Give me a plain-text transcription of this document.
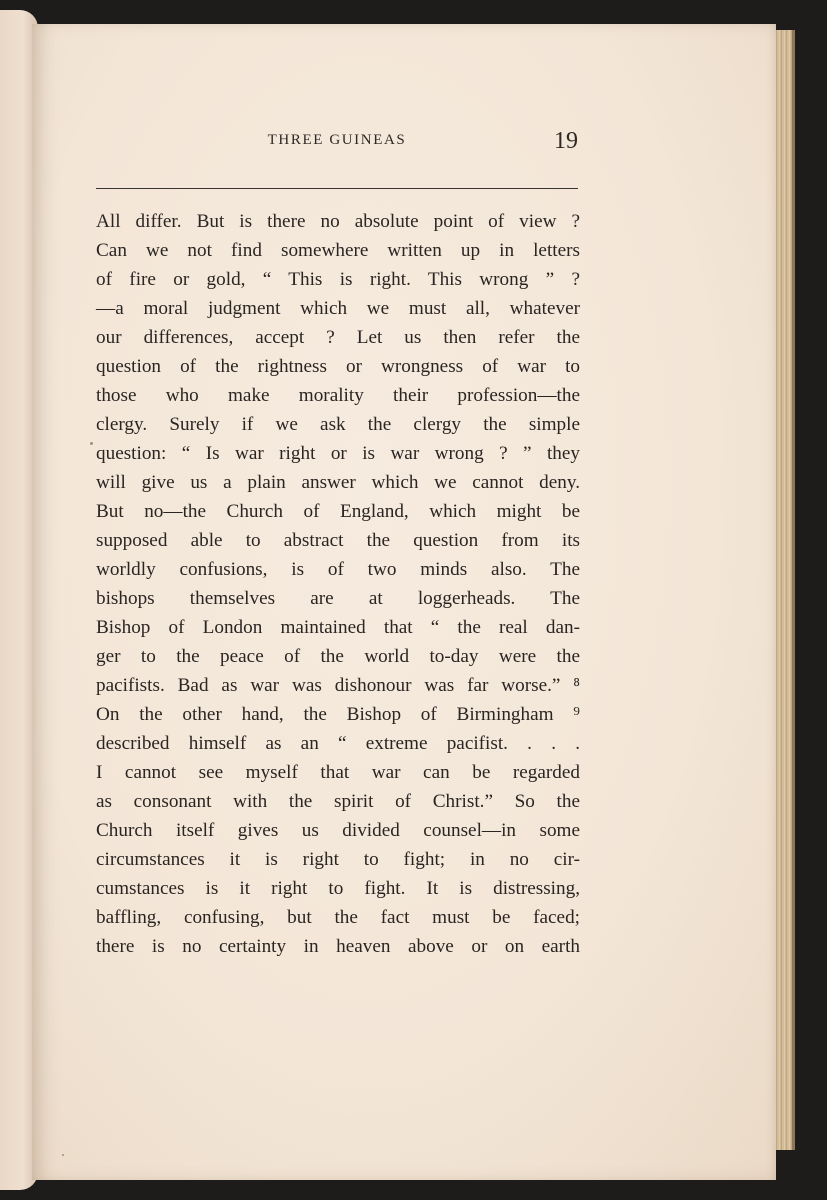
THREE GUINEAS	19
All differ. But is there no absolute point of view ?
Can we not find somewhere written up in letters
of fire or gold, “ This is right. This wrong ” ?
—a moral judgment which we must all, whatever
our differences, accept ? Let us then refer the
question of the rightness or wrongness of war to
those who make morality their profession—the
clergy. Surely if we ask the clergy the simple
question: “ Is war right or is war wrong ? ” they
will give us a plain answer which we cannot deny.
But no—the Church of England, which might be
supposed able to abstract the question from its
worldly confusions, is of two minds also. The
bishops themselves are at loggerheads. The
Bishop of London maintained that “ the real dan-
ger to the peace of the world to-day were the
pacifists. Bad as war was dishonour was far worse.” ⁸
On the other hand, the Bishop of Birmingham ⁹
described himself as an “ extreme pacifist. . . .
I cannot see myself that war can be regarded
as consonant with the spirit of Christ.” So the
Church itself gives us divided counsel—in some
circumstances it is right to fight; in no cir-
cumstances is it right to fight. It is distressing,
baffling, confusing, but the fact must be faced;
there is no certainty in heaven above or on earth
